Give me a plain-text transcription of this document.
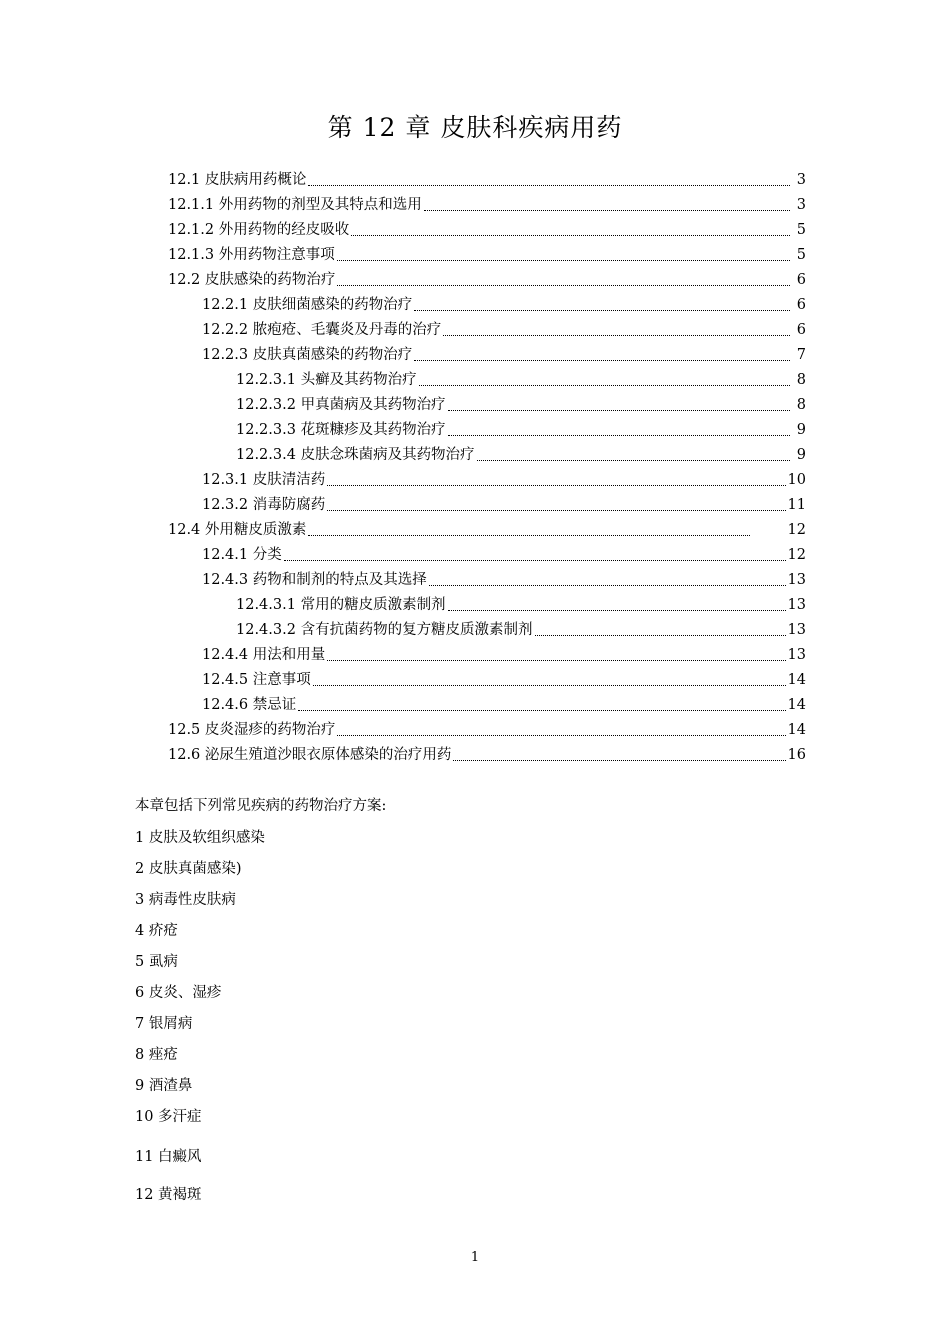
第 12 章 皮肤科疾病用药
12.1 皮肤病用药概论	3
12.1.1 外用药物的剂型及其特点和选用	3
12.1.2 外用药物的经皮吸收	5
12.1.3 外用药物注意事项	5
12.2 皮肤感染的药物治疗	6
12.2.1 皮肤细菌感染的药物治疗	6
12.2.2 脓疱疮、毛囊炎及丹毒的治疗	6
12.2.3 皮肤真菌感染的药物治疗	7
12.2.3.1 头癣及其药物治疗	8
12.2.3.2 甲真菌病及其药物治疗	8
12.2.3.3 花斑糠疹及其药物治疗	9
12.2.3.4 皮肤念珠菌病及其药物治疗	9
12.3.1 皮肤清洁药	10
12.3.2 消毒防腐药	11
12.4 外用糖皮质激素	12
12.4.1 分类	12
12.4.3 药物和制剂的特点及其选择	13
12.4.3.1 常用的糖皮质激素制剂	13
12.4.3.2 含有抗菌药物的复方糖皮质激素制剂	13
12.4.4 用法和用量	13
12.4.5 注意事项	14
12.4.6 禁忌证	14
12.5 皮炎湿疹的药物治疗	14
12.6 泌尿生殖道沙眼衣原体感染的治疗用药	16
本章包括下列常见疾病的药物治疗方案:
1 皮肤及软组织感染
2 皮肤真菌感染)
3 病毒性皮肤病
4 疥疮
5 虱病
6 皮炎、湿疹
7 银屑病
8 痤疮
9 酒渣鼻
10 多汗症
11 白癜风
12 黄褐斑
1
